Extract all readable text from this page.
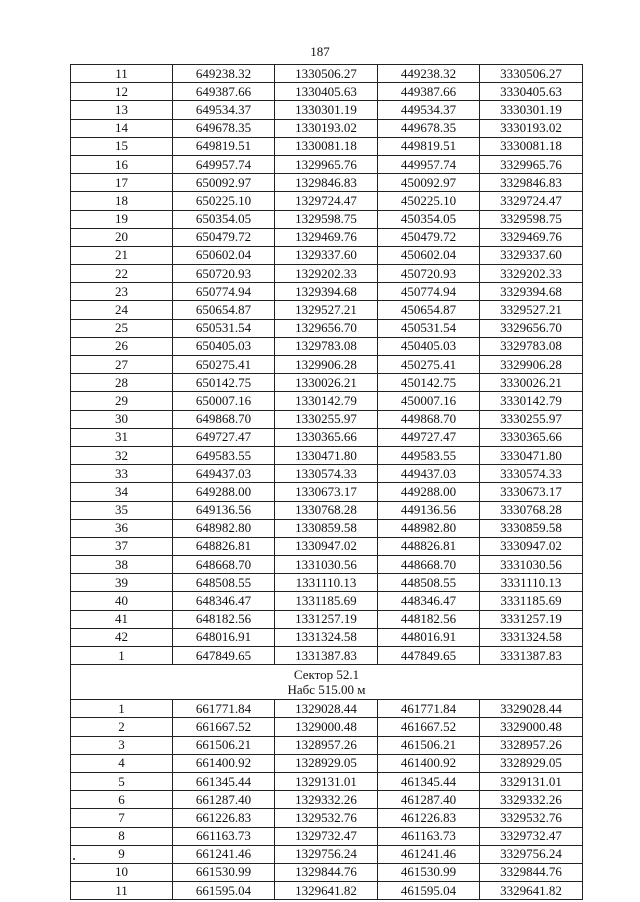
187
11	649238.32	1330506.27	449238.32	3330506.27
12	649387.66	1330405.63	449387.66	3330405.63
13	649534.37	1330301.19	449534.37	3330301.19
14	649678.35	1330193.02	449678.35	3330193.02
15	649819.51	1330081.18	449819.51	3330081.18
16	649957.74	1329965.76	449957.74	3329965.76
17	650092.97	1329846.83	450092.97	3329846.83
18	650225.10	1329724.47	450225.10	3329724.47
19	650354.05	1329598.75	450354.05	3329598.75
20	650479.72	1329469.76	450479.72	3329469.76
21	650602.04	1329337.60	450602.04	3329337.60
22	650720.93	1329202.33	450720.93	3329202.33
23	650774.94	1329394.68	450774.94	3329394.68
24	650654.87	1329527.21	450654.87	3329527.21
25	650531.54	1329656.70	450531.54	3329656.70
26	650405.03	1329783.08	450405.03	3329783.08
27	650275.41	1329906.28	450275.41	3329906.28
28	650142.75	1330026.21	450142.75	3330026.21
29	650007.16	1330142.79	450007.16	3330142.79
30	649868.70	1330255.97	449868.70	3330255.97
31	649727.47	1330365.66	449727.47	3330365.66
32	649583.55	1330471.80	449583.55	3330471.80
33	649437.03	1330574.33	449437.03	3330574.33
34	649288.00	1330673.17	449288.00	3330673.17
35	649136.56	1330768.28	449136.56	3330768.28
36	648982.80	1330859.58	448982.80	3330859.58
37	648826.81	1330947.02	448826.81	3330947.02
38	648668.70	1331030.56	448668.70	3331030.56
39	648508.55	1331110.13	448508.55	3331110.13
40	648346.47	1331185.69	448346.47	3331185.69
41	648182.56	1331257.19	448182.56	3331257.19
42	648016.91	1331324.58	448016.91	3331324.58
1	647849.65	1331387.83	447849.65	3331387.83

Сектор 52.1
Набс 515.00 м				

1	661771.84	1329028.44	461771.84	3329028.44
2	661667.52	1329000.48	461667.52	3329000.48
3	661506.21	1328957.26	461506.21	3328957.26
4	661400.92	1328929.05	461400.92	3328929.05
5	661345.44	1329131.01	461345.44	3329131.01
6	661287.40	1329332.26	461287.40	3329332.26
7	661226.83	1329532.76	461226.83	3329532.76
8	661163.73	1329732.47	461163.73	3329732.47
9	661241.46	1329756.24	461241.46	3329756.24
10	661530.99	1329844.76	461530.99	3329844.76
11	661595.04	1329641.82	461595.04	3329641.82
